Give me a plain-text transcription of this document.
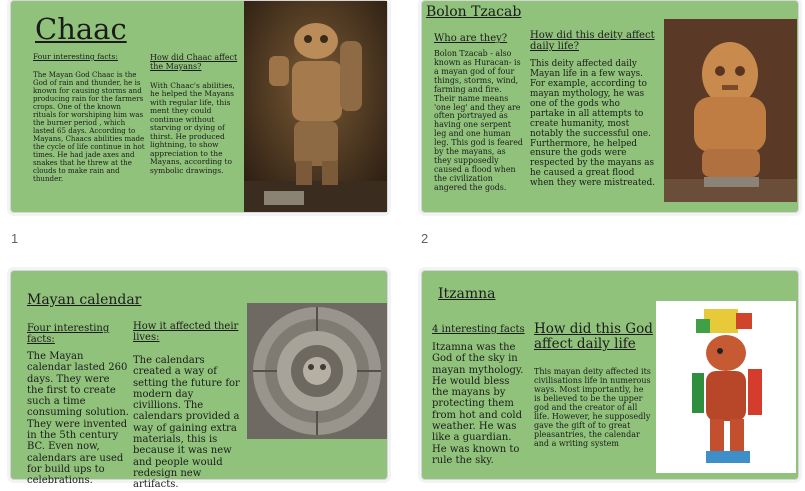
Chaac
Four interesting facts:
The Mayan God Chaac is the God of rain and thunder, he is known for causing storms and producing rain for the farmers crops. One of the known rituals for worshiping him was the burner period , which lasted 65 days. According to Mayans, Chaacs abilities made the cycle of life continue in hot times. He had jade axes and snakes that he threw at the clouds to make rain and thunder.
How did Chaac affect the Mayans?
With Chaac's abilities, he helped the Mayans with regular life, this ment they could continue without starving or dying of thirst. He produced lightning, to show appreciation to the Mayans, according to symbolic drawings.
1
Bolon Tzacab
Who are they?
Bolon Tzacab - also known as Huracan- is a mayan god of four things, storms, wind, farming and fire. Their name means 'one leg' and they are often portrayed as having one serpent leg and one human leg. This god is feared by the mayans, as they supposedly caused a flood when the civilization angered the gods.
How did this deity affect daily life?
This deity affected daily Mayan life in a few ways. For example, according to mayan mythology, he was one of the gods who partake in all attempts to create humanity, most notably the successful one. Furthermore, he helped ensure the gods were respected by the mayans as he caused a great flood when they were mistreated.
2
Mayan calendar
Four interesting facts:
The Mayan calendar lasted 260 days. They were the first to create such a time consuming solution. They were invented in the 5th century BC. Even now, calendars are used for build ups to celebrations.
How it affected their lives:
The calendars created a way of setting the future for modern day civillions. The calendars provided a way of gaining extra materials, this is because it was new and people would redesign new artifacts.
Itzamna
4 interesting facts
Itzamna was the God of the sky in mayan mythology. He would bless the mayans by protecting them from hot and cold weather. He was like a guardian. He was known to rule the sky.
How did this God affect daily life
This mayan deity affected its civilisations life in numerous ways. Most importantly, he is believed to be the upper god and the creator of all life. However, he supposedly gave the gift of to great pleasantries, the calendar and a writing system
